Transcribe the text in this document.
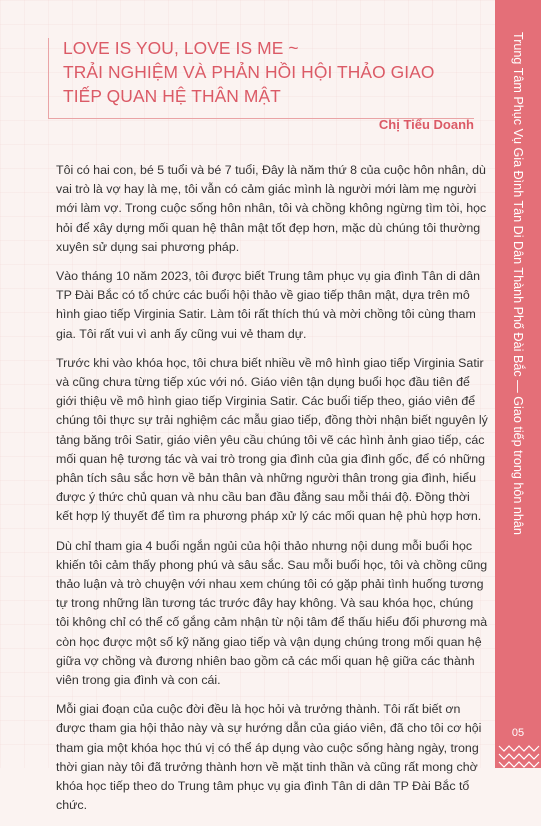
Trung Tâm Phục Vụ Gia Đình Tân Di Dân Thành Phố Đài Bắc — Giao tiếp trong hôn nhân
05
LOVE IS YOU, LOVE IS ME ~
TRẢI NGHIỆM VÀ PHẢN HỒI HỘI THẢO GIAO
TIẾP QUAN HỆ THÂN MẬT
Chị Tiểu Doanh

Tôi có hai con, bé 5 tuổi và bé 7 tuổi, Đây là năm thứ 8 của cuộc hôn nhân, dù vai trò là vợ hay là mẹ, tôi vẫn có cảm giác mình là người mới làm mẹ người mới làm vợ. Trong cuộc sống hôn nhân, tôi và chồng không ngừng tìm tòi, học hỏi để xây dựng mối quan hệ thân mật tốt đẹp hơn, mặc dù chúng tôi thường xuyên sử dụng sai phương pháp.

Vào tháng 10 năm 2023, tôi được biết Trung tâm phục vụ gia đình Tân di dân TP Đài Bắc có tổ chức các buổi hội thảo về giao tiếp thân mật, dựa trên mô hình giao tiếp Virginia Satir. Làm tôi rất thích thú và mời chồng tôi cùng tham gia. Tôi rất vui vì anh ấy cũng vui vẻ tham dự.

Trước khi vào khóa học, tôi chưa biết nhiều về mô hình giao tiếp Virginia Satir và cũng chưa từng tiếp xúc với nó. Giáo viên tận dụng buổi học đầu tiên để giới thiệu về mô hình giao tiếp Virginia Satir. Các buổi tiếp theo, giáo viên để chúng tôi thực sự trải nghiệm các mẫu giao tiếp, đồng thời nhận biết nguyên lý tảng băng trôi Satir, giáo viên yêu cầu chúng tôi vẽ các hình ảnh giao tiếp, các mối quan hệ tương tác và vai trò trong gia đình của gia đình gốc, để có những phân tích sâu sắc hơn về bản thân và những người thân trong gia đình, hiểu được ý thức chủ quan và nhu cầu ban đầu đằng sau mỗi thái độ. Đồng thời kết hợp lý thuyết để tìm ra phương pháp xử lý các mối quan hệ phù hợp hơn.

Dù chỉ tham gia 4 buổi ngắn ngủi của hội thảo nhưng nội dung mỗi buổi học khiến tôi cảm thấy phong phú và sâu sắc. Sau mỗi buổi học, tôi và chồng cũng thảo luận và trò chuyện với nhau xem chúng tôi có gặp phải tình huống tương tự trong những lần tương tác trước đây hay không. Và sau khóa học, chúng tôi không chỉ có thể cố gắng cảm nhận từ nội tâm để thấu hiểu đối phương mà còn học được một số kỹ năng giao tiếp và vận dụng chúng trong mối quan hệ giữa vợ chồng và đương nhiên bao gồm cả các mối quan hệ giữa các thành viên trong gia đình và con cái.

Mỗi giai đoạn của cuộc đời đều là học hỏi và trưởng thành. Tôi rất biết ơn được tham gia hội thảo này và sự hướng dẫn của giáo viên, đã cho tôi cơ hội tham gia một khóa học thú vị có thể áp dụng vào cuộc sống hàng ngày, trong thời gian này tôi đã trưởng thành hơn về mặt tinh thần và cũng rất mong chờ khóa học tiếp theo do Trung tâm phục vụ gia đình Tân di dân TP Đài Bắc tổ chức.
